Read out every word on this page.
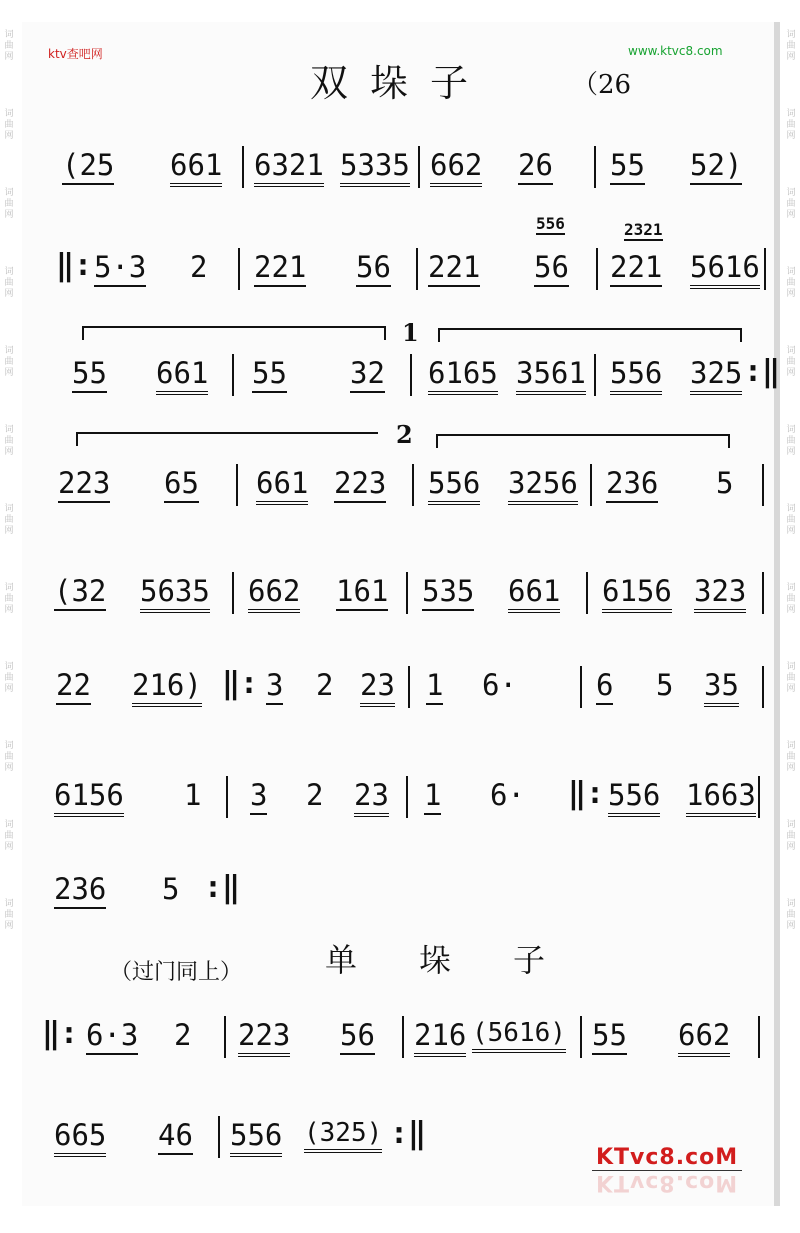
词曲网
词曲网
词曲网
词曲网
词曲网
词曲网
词曲网
词曲网
词曲网
词曲网
词曲网
词曲网
词曲网
词曲网
词曲网
词曲网
词曲网
词曲网
词曲网
词曲网
词曲网
词曲网
词曲网
词曲网
ktv查吧网	www.ktvc8.com
双垛子	（26
(25 661 6321 5335 662 26 55 52)
‖: 5·3 2 221 56 221 56
556
221
2321
5616
1
55 661 55 32 6165 3561 556 325 :‖
2
223 65 661 223 556 3256 236 5
(32 5635 662 161 535 661 6156 323
22 216) ‖: 3 2 23 1 6·	6 5 35
6156 1 3 2 23 1 6· ‖: 556 1663
236 5 :‖
单垛子
（过门同上）
‖: 6·3 2 223 56 216 (5616) 55 662
665 46 556 (325) :‖
KTvc8.coM
KTvc8.coM
